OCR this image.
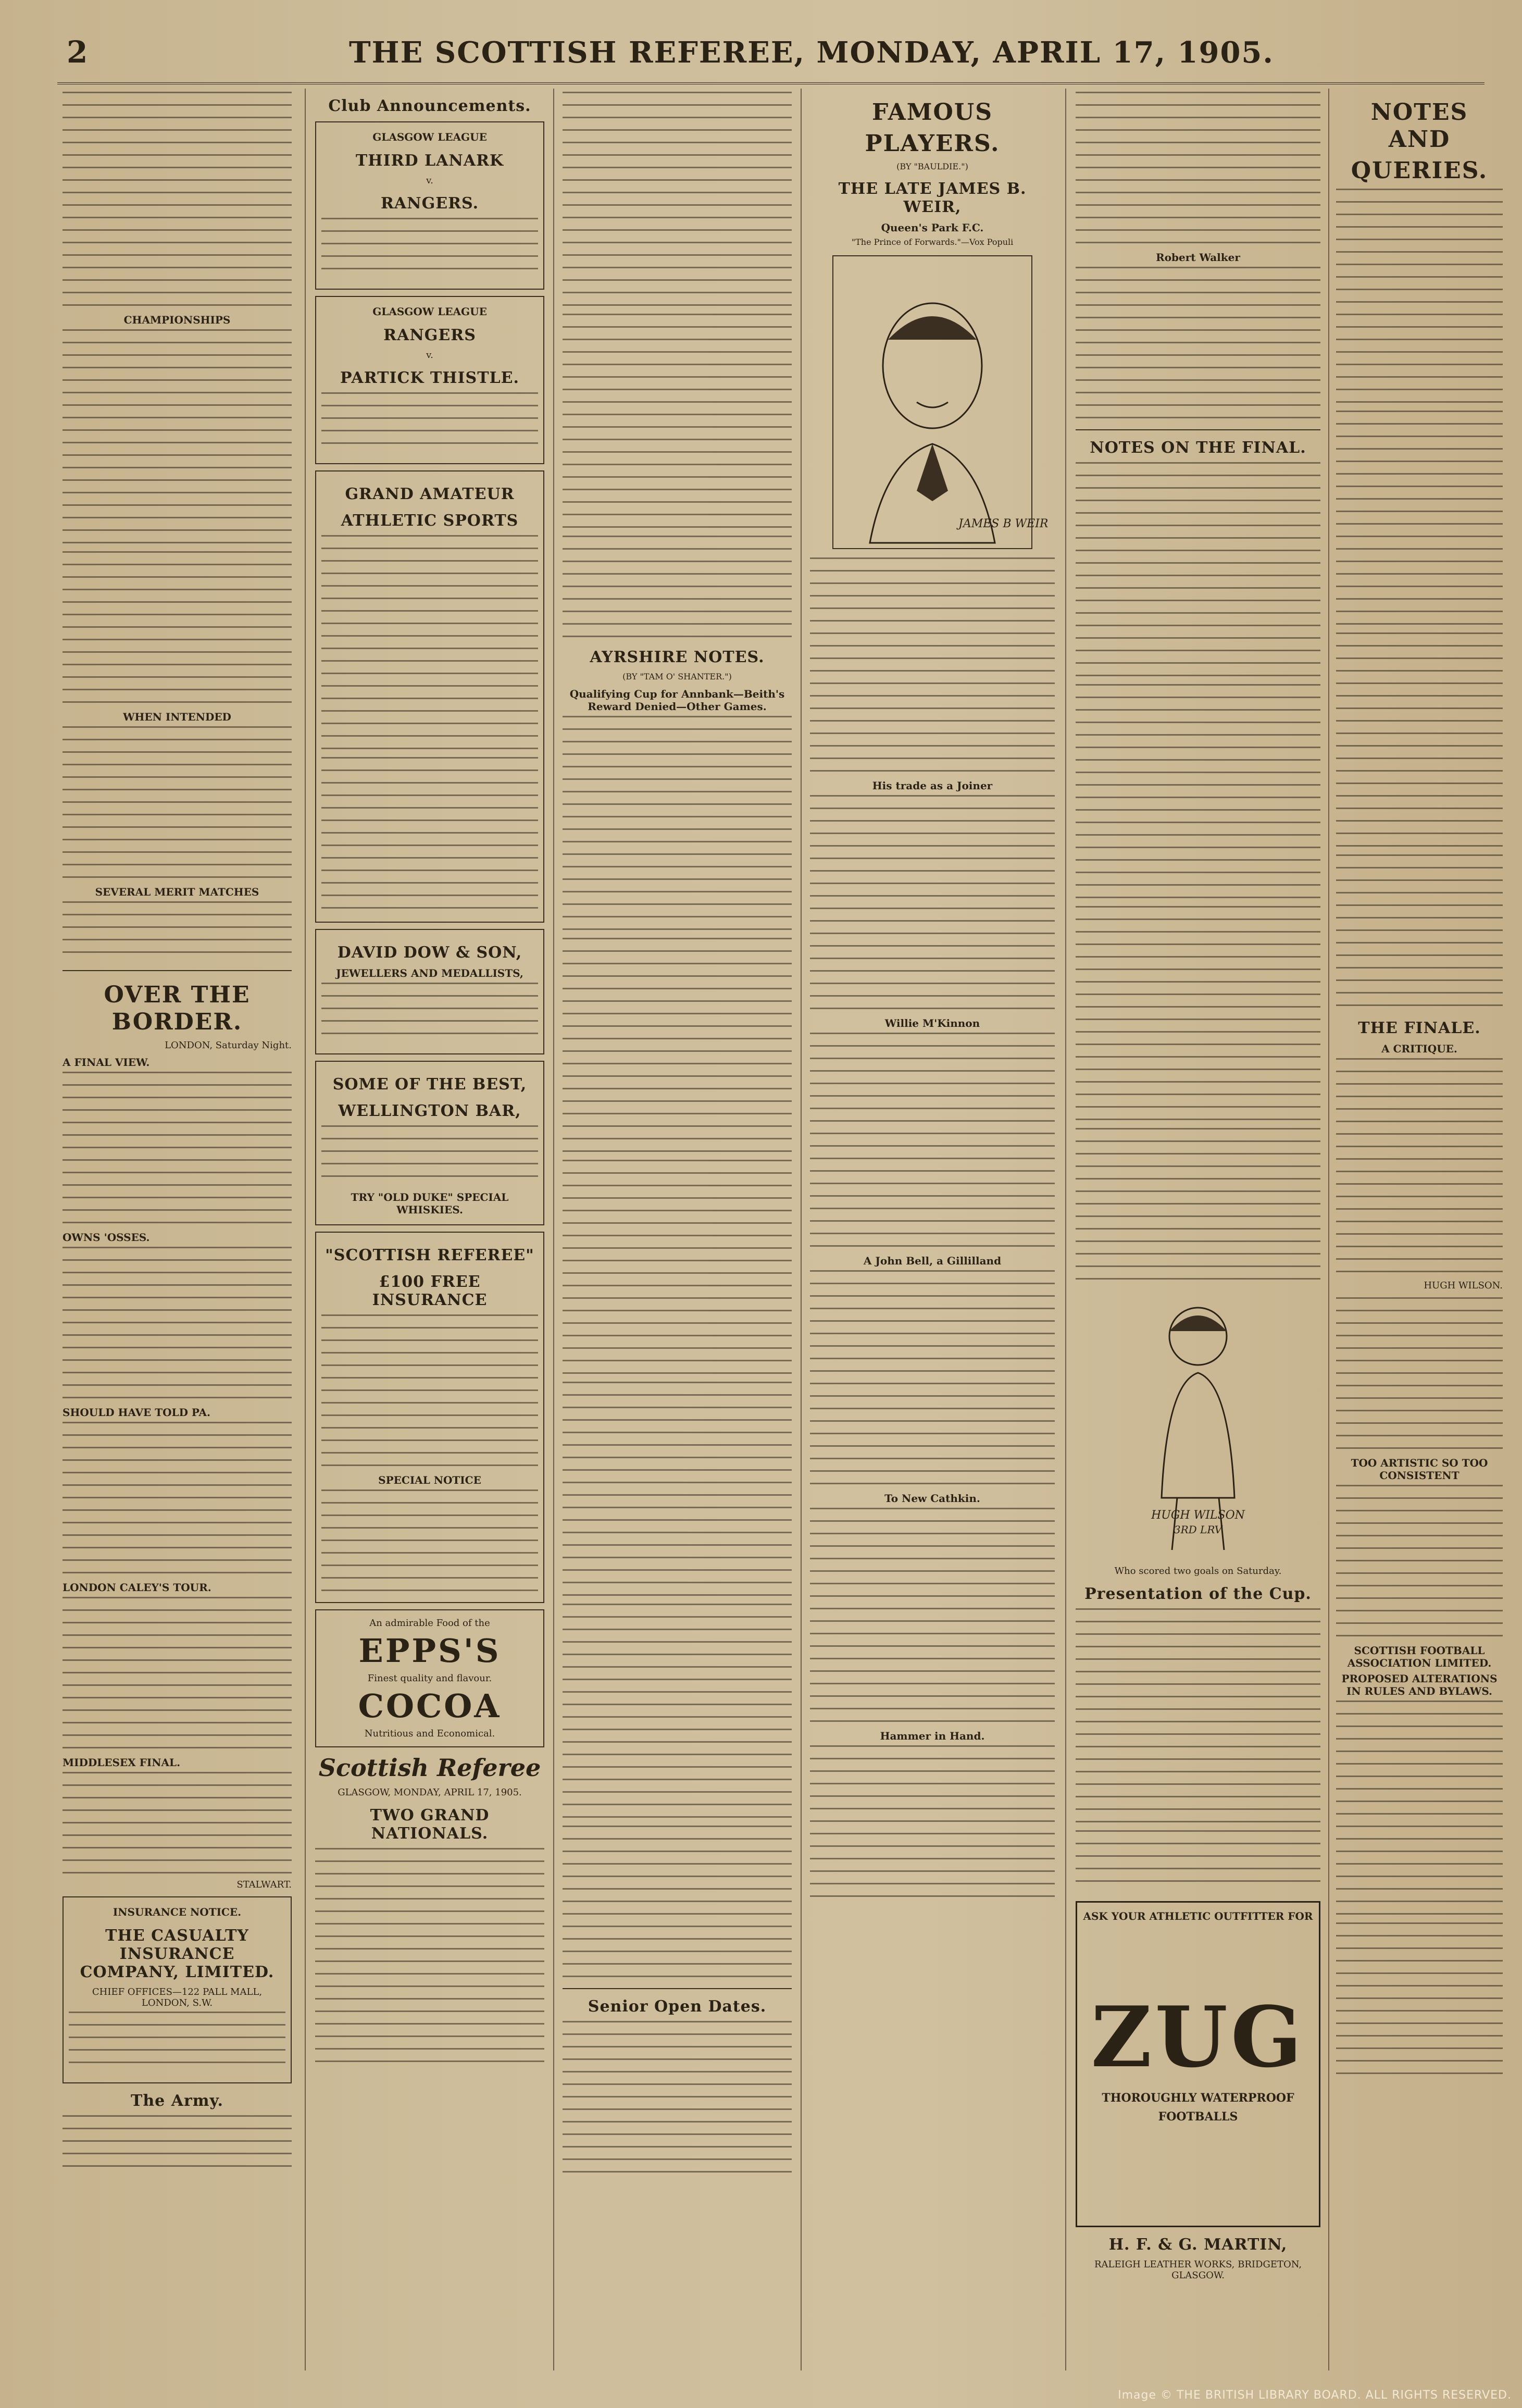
2	THE SCOTTISH REFEREE, MONDAY, APRIL 17, 1905.
CHAMPIONSHIPS
WHEN INTENDED
SEVERAL MERIT MATCHES
OVER THE BORDER.
LONDON, Saturday Night.
A FINAL VIEW.
OWNS 'OSSES.
SHOULD HAVE TOLD PA.
LONDON CALEY'S TOUR.
MIDDLESEX FINAL.
STALWART.
INSURANCE NOTICE.
THE CASUALTY INSURANCE COMPANY, LIMITED.
CHIEF OFFICES—122 PALL MALL, LONDON, S.W.
The Army.
Club Announcements.
GLASGOW LEAGUE
THIRD LANARK
v.
RANGERS.
GLASGOW LEAGUE
RANGERS
v.
PARTICK THISTLE.
GRAND AMATEUR
ATHLETIC SPORTS
DAVID DOW & SON,
JEWELLERS AND MEDALLISTS,
SOME OF THE BEST,
WELLINGTON BAR,
TRY "OLD DUKE" SPECIAL WHISKIES.
"SCOTTISH REFEREE"
£100 FREE INSURANCE
SPECIAL NOTICE
An admirable Food of the
EPPS'S
Finest quality and flavour.
COCOA
Nutritious and Economical.
Scottish Referee
GLASGOW, MONDAY, APRIL 17, 1905.
TWO GRAND NATIONALS.
AYRSHIRE NOTES.
(BY "TAM O' SHANTER.")
Qualifying Cup for Annbank—Beith's Reward Denied—Other Games.
Senior Open Dates.
FAMOUS
PLAYERS.
(BY "BAULDIE.")
THE LATE JAMES B. WEIR,
Queen's Park F.C.
"The Prince of Forwards."—Vox Populi
JAMES B WEIR
His trade as a Joiner
Willie M'Kinnon
A John Bell, a Gillilland
To New Cathkin.
Hammer in Hand.
Robert Walker
NOTES ON THE FINAL.
HUGH WILSON
3RD LRV
Who scored two goals on Saturday.
Presentation of the Cup.
ASK YOUR ATHLETIC OUTFITTER FOR
ZUG
THOROUGHLY WATERPROOF
FOOTBALLS
H. F. & G. MARTIN,
RALEIGH LEATHER WORKS, BRIDGETON, GLASGOW.
NOTES AND
QUERIES.
THE FINALE.
A CRITIQUE.
HUGH WILSON.
TOO ARTISTIC SO TOO CONSISTENT
SCOTTISH FOOTBALL ASSOCIATION LIMITED.
PROPOSED ALTERATIONS IN RULES AND BYLAWS.
Image © THE BRITISH LIBRARY BOARD. ALL RIGHTS RESERVED.
